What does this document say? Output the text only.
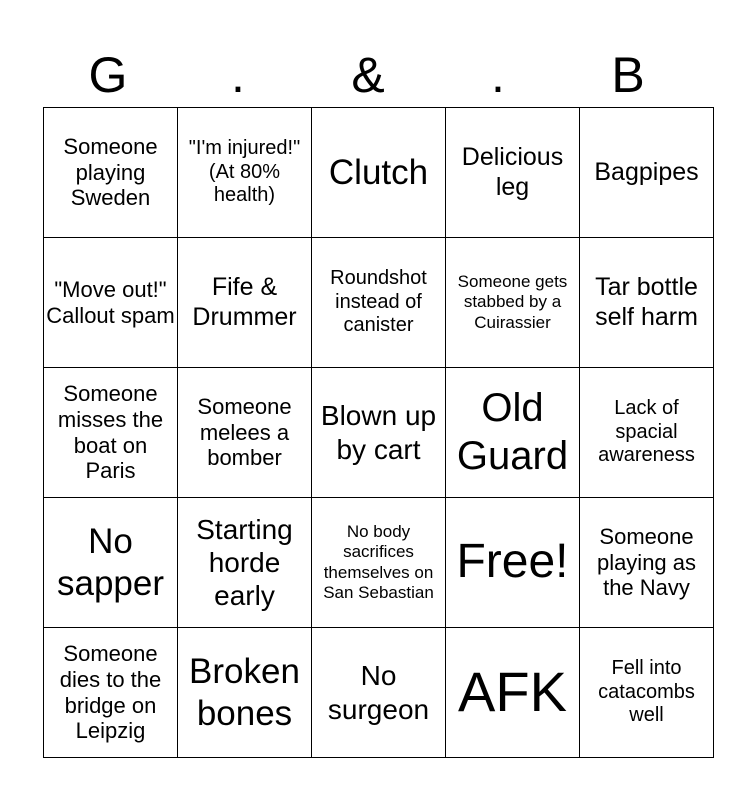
G	.	&	.	B
Someone playing Sweden	"I'm injured!" (At 80% health)	Clutch	Delicious leg	Bagpipes
"Move out!" Callout spam	Fife & Drummer	Roundshot instead of canister	Someone gets stabbed by a Cuirassier	Tar bottle self harm
Someone misses the boat on Paris	Someone melees a bomber	Blown up by cart	Old Guard	Lack of spacial awareness
No sapper	Starting horde early	No body sacrifices themselves on San Sebastian	Free!	Someone playing as the Navy
Someone dies to the bridge on Leipzig	Broken bones	No surgeon	AFK	Fell into catacombs well
